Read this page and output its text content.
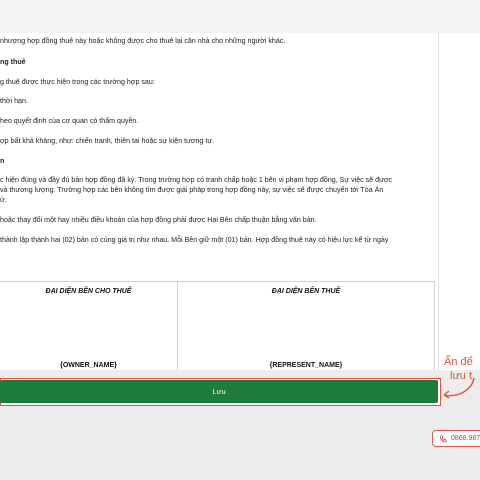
nhượng hợp đồng thuê này hoặc không được cho thuê lại căn nhà cho những người khác.
ng thuê
g thuê được thực hiện trong các trường hợp sau:
thời hạn.
heo quyết định của cơ quan có thẩm quyền.
ợp bất khả kháng, như: chiến tranh, thiên tai hoặc sự kiện tương tự.
n
c hiện đúng và đầy đủ bản hợp đồng đã ký. Trong trường hợp có tranh chấp hoặc 1 bên vi phạm hợp đồng, Sự việc sẽ được
và thương lượng. Trường hợp các bên không tìm được giải pháp trong hợp đồng này, sự việc sẽ được chuyển tới Tòa Án
ử.
hoặc thay đổi một hay nhiều điều khoản của hợp đồng phải được Hai Bên chấp thuận bằng văn bản.
thành lập thành hai (02) bản có cùng giá trị như nhau. Mỗi Bên giữ một (01) bản. Hợp đồng thuê này có hiệu lực kể từ ngày
ĐẠI DIỆN BÊN CHO THUÊ
{OWNER_NAME}
ĐẠI DIỆN BÊN THUÊ
{REPRESENT_NAME}	Ấn để
lưu t
Lưu
0868.987
